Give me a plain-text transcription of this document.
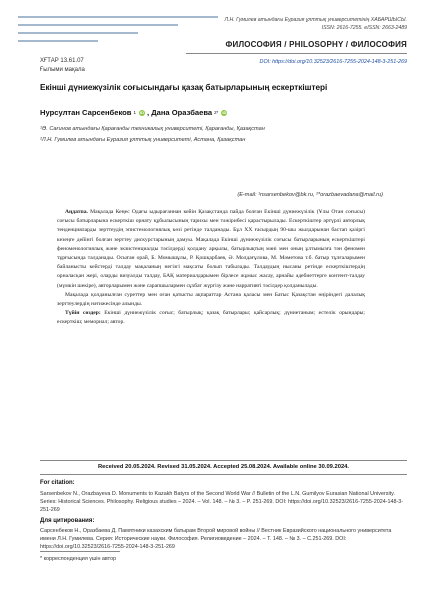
Л.Н. Гумилев атындағы Еуразия ұлттық университетінің ХАБАРШЫСЫ.
ISSN: 2616-7255. eISSN: 2663-2489
ФИЛОСОФИЯ / PHILOSOPHY / ФИЛОСОФИЯ
ХҒТАР 13.61.07	DOI: https://doi.org/10.32523/2616-7255-2024-148-3-251-269
Ғылыми мақала
Екінші дүниежүзілік соғысындағы қазақ батырларының ескерткіштері
Нурсултан Сарсенбеков 1 iD , Дана Оразбаева 2* iD
¹Ә. Сағинов атындағы Қарағанды техникалық университеті, Қарағанды, Қазақстан
²Л.Н. Гумилев атындағы Еуразия ұлттық университеті, Астана, Қазақстан
(E-mail: ¹nsarsenbekov@bk.ru, ²*orazbaevadana@mail.ru)

Аңдатпа. Мақалада Кеңес Одағы ыдырағаннан кейін Қазақстанда пайда болған Екінші дүниежүзілік (Ұлы Отан соғысы) соғысы батырларына ескерткіш орнату құбылысының тарихы мен тәжірибесі қарастырылады. Ескерткіштер әртүрлі авторлық тенденцияларды зерттеудің эпистемологиялық көзі ретінде талданады. Бұл XX ғасырдың 90-шы жылдарынан бастап қазіргі кезеңге дейінгі болған зерттеу дискурстарының дамуы. Мақалада Екінші дүниежүзілік соғысы батырларының ескерткіштері феноменологиялық және экзистенциалды тәсілдерді қолдану арқылы, батырлықтың мәні мен оның ұлтымызға тән феномен тұрғысында талданады. Осыған орай, Б. Момышұлы, Р. Қошқарбаев, Ә. Молдағұлова, М. Мәметова т.б. батыр тұлғаларымен байланысты кейстерді талдау мақаланың негізгі мақсаты болып табылады. Талдаудың нысаны ретінде ескерткіштердің орналасқан жері, оларды визуалды талдау, БАҚ материалдарымен бірлесе жұмыс жасау, арнайы әдебиеттерге контент-талдау (мүмкін шекіре), авторларымен және сарапшылармен сұхбат жүргізу және нарративті тәсілдер қолданылады.

Мақалада қолданылған суреттер мен оған қатысты ақпараттар Астана қаласы мен Батыс Қазақстан өңіріндегі далалық зерттеулердің нәтижесінде алынды.

Түйін сөздер: Екінші дүниежүзілік соғыс; батырлық; қазақ батырлары; қайсарлық; дүниетаным; естелік орындары; ескерткіш; мемориал; автор.

Received 20.05.2024. Revised 31.05.2024. Accepted 25.08.2024. Available online 30.09.2024.
For citation:
Sarsenbekov N., Orazbayeva D. Monuments to Kazakh Batyrs of the Second World War // Bulletin of the L.N. Gumilyov Eurasian National University. Series: Historical Sciences. Philosophy. Religious studies – 2024. – Vol. 148. – № 3. – P. 251-269. DOI: https://doi.org/10.32523/2616-7255-2024-148-3-251-269
Для цитирования:
Сарсенбеков Н., Оразбаева Д. Памятники казахским батырам Второй мировой войны // Вестник Евразийского национального университета имени Л.Н. Гумилева. Серия: Исторические науки. Философия. Религиоведение – 2024. – Т. 148. – № 3. – С.251-269. DOI: https://doi.org/10.32523/2616-7255-2024-148-3-251-269
* корреспонденция үшін автор
